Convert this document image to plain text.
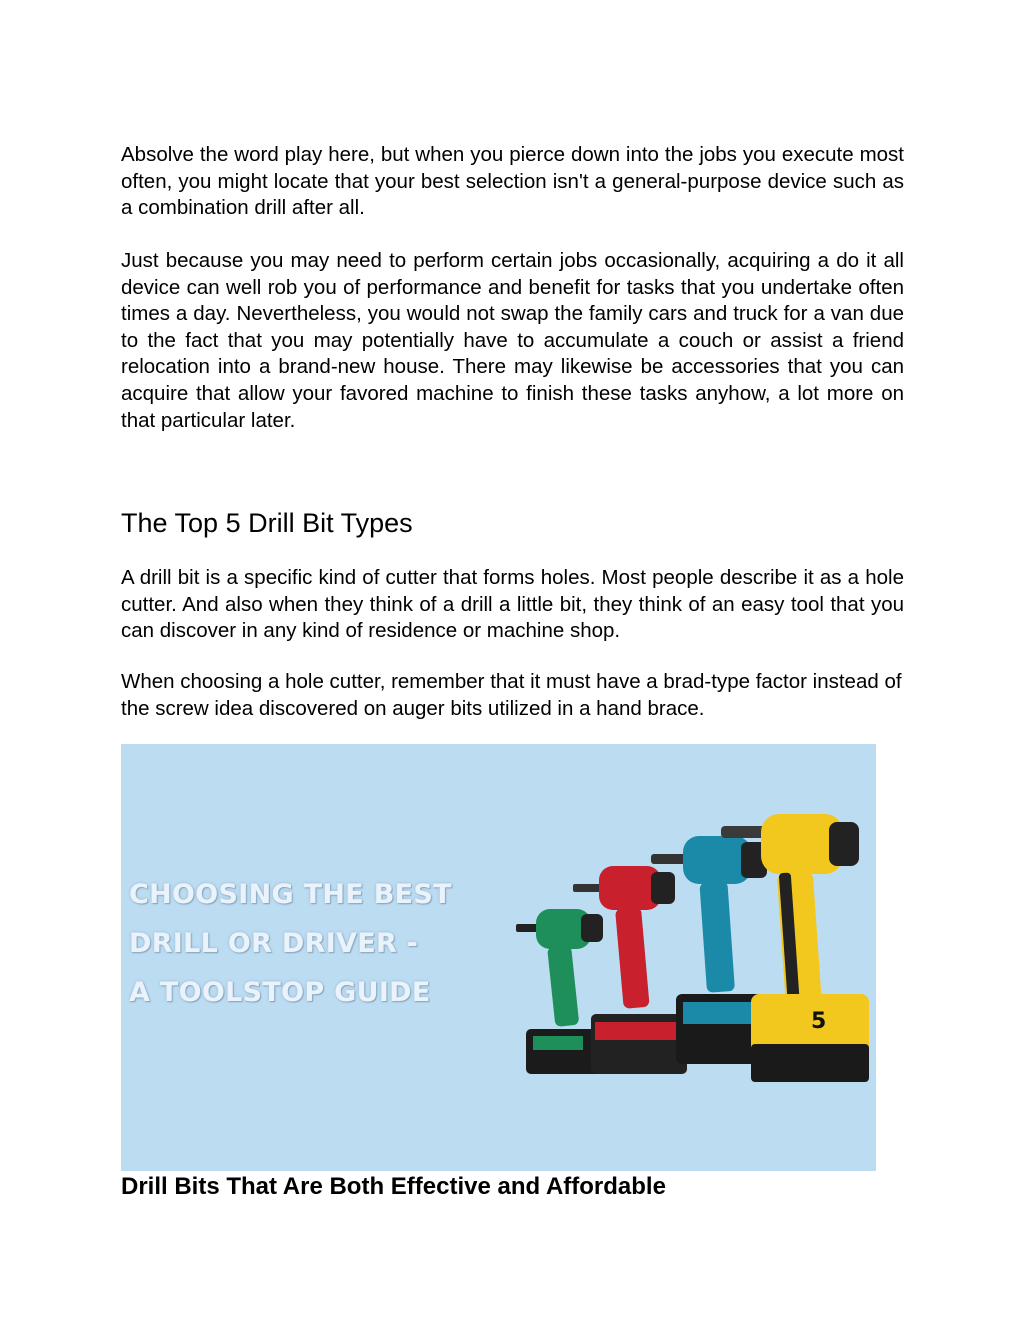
Absolve the word play here, but when you pierce down into the jobs you execute most often, you might locate that your best selection isn't a general-purpose device such as a combination drill after all.

Just because you may need to perform certain jobs occasionally, acquiring a do it all device can well rob you of performance and benefit for tasks that you undertake often times a day. Nevertheless, you would not swap the family cars and truck for a van due to the fact that you may potentially have to accumulate a couch or assist a friend relocation into a brand-new house. There may likewise be accessories that you can acquire that allow your favored machine to finish these tasks anyhow, a lot more on that particular later.

The Top 5 Drill Bit Types

A drill bit is a specific kind of cutter that forms holes. Most people describe it as a hole cutter. And also when they think of a drill a little bit, they think of an easy tool that you can discover in any kind of residence or machine shop.

When choosing a hole cutter, remember that it must have a brad-type factor instead of the screw idea discovered on auger bits utilized in a hand brace.

CHOOSING THE BEST
DRILL OR DRIVER -
A TOOLSTOP GUIDE
5
Drill Bits That Are Both Effective and Affordable
